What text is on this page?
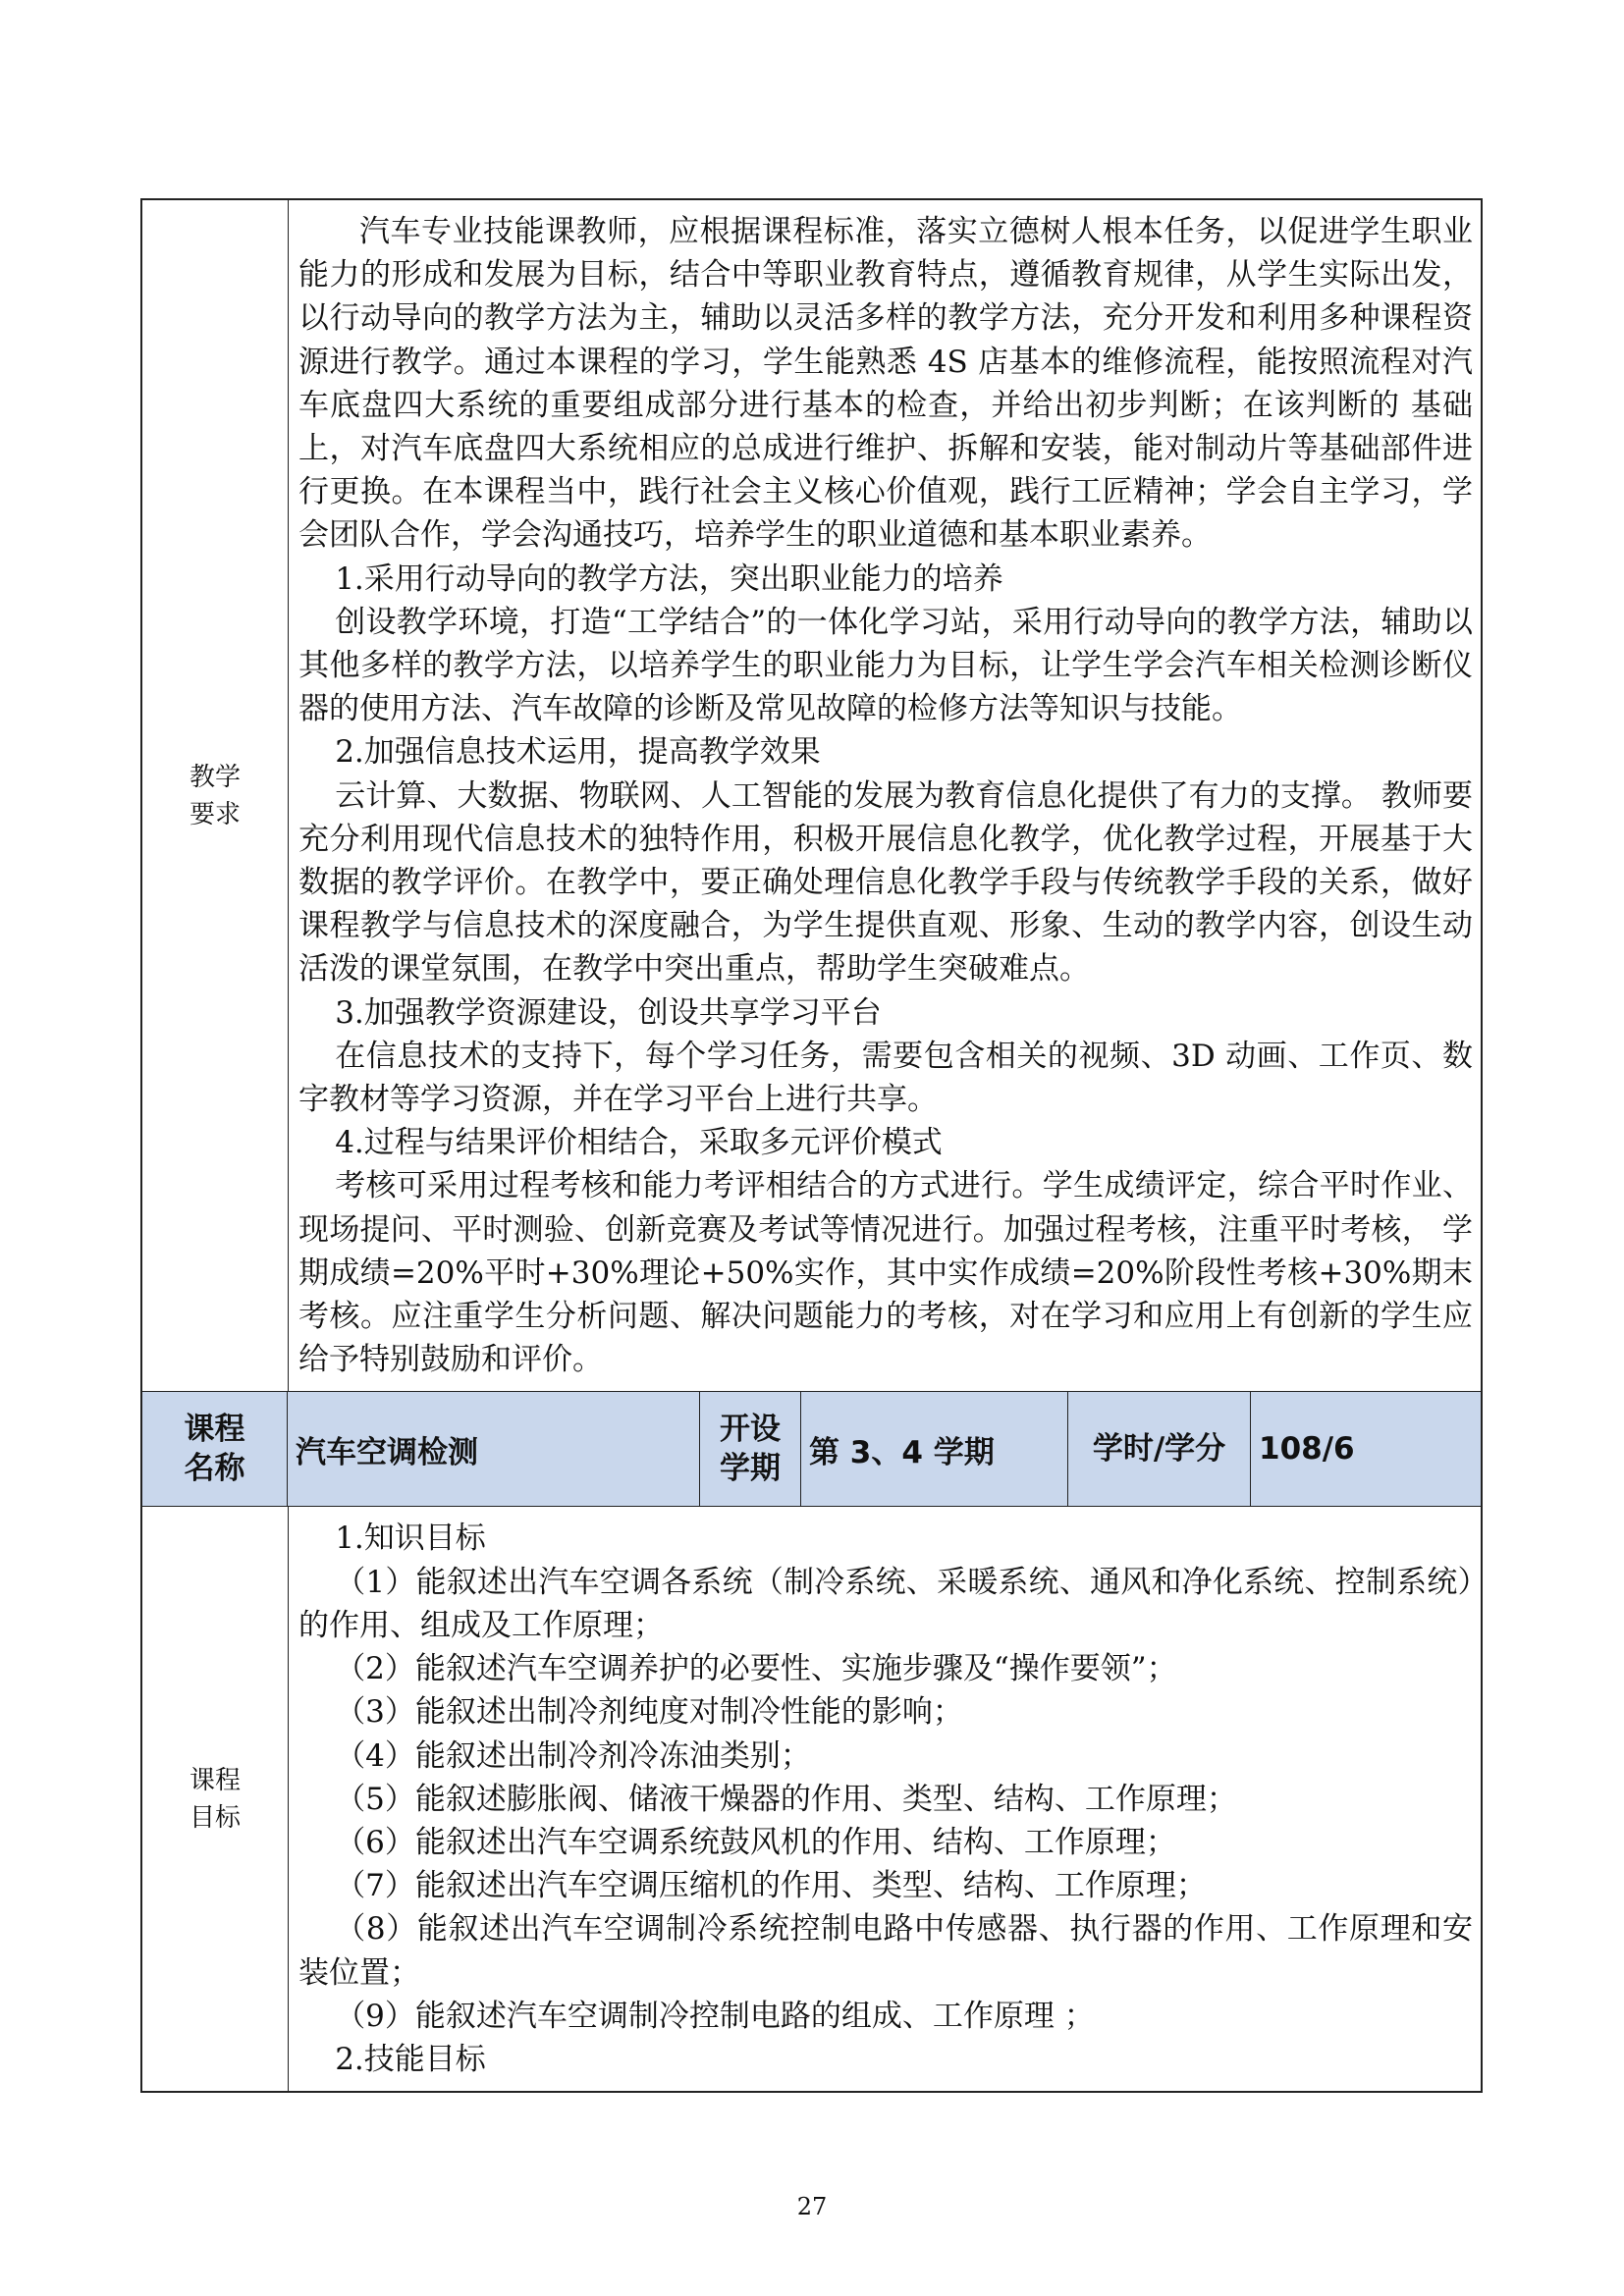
教学
要求

汽车专业技能课教师，应根据课程标准，落实立德树人根本任务，以促进学生职业能力的形成和发展为目标，结合中等职业教育特点，遵循教育规律，从学生实际出发，以行动导向的教学方法为主，辅助以灵活多样的教学方法，充分开发和利用多种课程资源进行教学。通过本课程的学习，学生能熟悉 4S 店基本的维修流程，能按照流程对汽车底盘四大系统的重要组成部分进行基本的检查，并给出初步判断；在该判断的 基础 上，对汽车底盘四大系统相应的总成进行维护、拆解和安装，能对制动片等基础部件进行更换。在本课程当中，践行社会主义核心价值观，践行工匠精神；学会自主学习，学会团队合作，学会沟通技巧，培养学生的职业道德和基本职业素养。

1.采用行动导向的教学方法，突出职业能力的培养

创设教学环境，打造“工学结合”的一体化学习站，采用行动导向的教学方法，辅助以其他多样的教学方法，以培养学生的职业能力为目标，让学生学会汽车相关检测诊断仪器的使用方法、汽车故障的诊断及常见故障的检修方法等知识与技能。

2.加强信息技术运用，提高教学效果

云计算、大数据、物联网、人工智能的发展为教育信息化提供了有力的支撑。 教师要充分利用现代信息技术的独特作用，积极开展信息化教学，优化教学过程，开展基于大数据的教学评价。在教学中，要正确处理信息化教学手段与传统教学手段的关系，做好课程教学与信息技术的深度融合，为学生提供直观、形象、生动的教学内容，创设生动活泼的课堂氛围，在教学中突出重点，帮助学生突破难点。

3.加强教学资源建设，创设共享学习平台

在信息技术的支持下，每个学习任务，需要包含相关的视频、3D 动画、工作页、数字教材等学习资源，并在学习平台上进行共享。

4.过程与结果评价相结合，采取多元评价模式

考核可采用过程考核和能力考评相结合的方式进行。学生成绩评定，综合平时作业、现场提问、平时测验、创新竞赛及考试等情况进行。加强过程考核，注重平时考核， 学期成绩=20%平时+30%理论+50%实作，其中实作成绩=20%阶段性考核+30%期末考核。应注重学生分析问题、解决问题能力的考核，对在学习和应用上有创新的学生应给予特别鼓励和评价。

课程
名称 汽车空调检测
开设
学期 第 3、4 学期	学时/学分	108/6
课程
目标

1.知识目标

（1）能叙述出汽车空调各系统（制冷系统、采暖系统、通风和净化系统、控制系统）的作用、组成及工作原理；

（2）能叙述汽车空调养护的必要性、实施步骤及“操作要领”；

（3）能叙述出制冷剂纯度对制冷性能的影响；

（4）能叙述出制冷剂冷冻油类别；

（5）能叙述膨胀阀、储液干燥器的作用、类型、结构、工作原理；

（6）能叙述出汽车空调系统鼓风机的作用、结构、工作原理；

（7）能叙述出汽车空调压缩机的作用、类型、结构、工作原理；

（8）能叙述出汽车空调制冷系统控制电路中传感器、执行器的作用、工作原理和安装位置；

（9）能叙述汽车空调制冷控制电路的组成、工作原理 ；

2.技能目标

27
